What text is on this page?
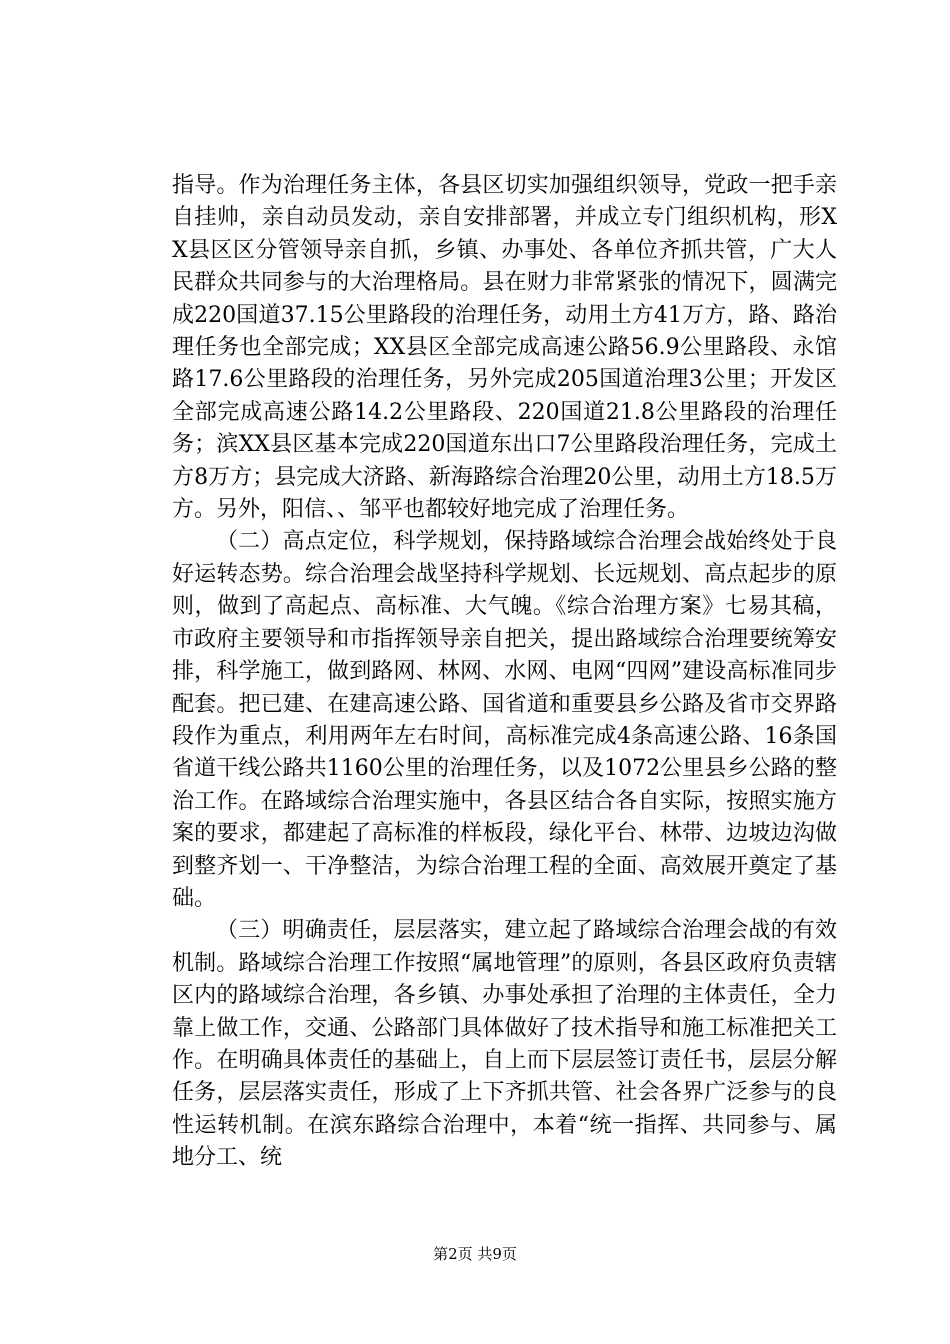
指导。作为治理任务主体，各县区切实加强组织领导，党政一把手亲自挂帅，亲自动员发动，亲自安排部署，并成立专门组织机构，形XX县区区分管领导亲自抓，乡镇、办事处、各单位齐抓共管，广大人民群众共同参与的大治理格局。县在财力非常紧张的情况下，圆满完成220国道37.15公里路段的治理任务，动用土方41万方，路、路治理任务也全部完成；XX县区全部完成高速公路56.9公里路段、永馆路17.6公里路段的治理任务，另外完成205国道治理3公里；开发区全部完成高速公路14.2公里路段、220国道21.8公里路段的治理任务；滨XX县区基本完成220国道东出口7公里路段治理任务，完成土方8万方；县完成大济路、新海路综合治理20公里，动用土方18.5万方。另外，阳信、、邹平也都较好地完成了治理任务。

（二）高点定位，科学规划，保持路域综合治理会战始终处于良好运转态势。综合治理会战坚持科学规划、长远规划、高点起步的原则，做到了高起点、高标准、大气魄。《综合治理方案》七易其稿，市政府主要领导和市指挥领导亲自把关，提出路域综合治理要统筹安排，科学施工，做到路网、林网、水网、电网“四网”建设高标准同步配套。把已建、在建高速公路、国省道和重要县乡公路及省市交界路段作为重点，利用两年左右时间，高标准完成4条高速公路、16条国省道干线公路共1160公里的治理任务，以及1072公里县乡公路的整治工作。在路域综合治理实施中，各县区结合各自实际，按照实施方案的要求，都建起了高标准的样板段，绿化平台、林带、边坡边沟做到整齐划一、干净整洁，为综合治理工程的全面、高效展开奠定了基础。

（三）明确责任，层层落实，建立起了路域综合治理会战的有效机制。路域综合治理工作按照“属地管理”的原则，各县区政府负责辖区内的路域综合治理，各乡镇、办事处承担了治理的主体责任，全力靠上做工作，交通、公路部门具体做好了技术指导和施工标准把关工作。在明确具体责任的基础上，自上而下层层签订责任书，层层分解任务，层层落实责任，形成了上下齐抓共管、社会各界广泛参与的良性运转机制。在滨东路综合治理中，本着“统一指挥、共同参与、属地分工、统

第2页 共9页
